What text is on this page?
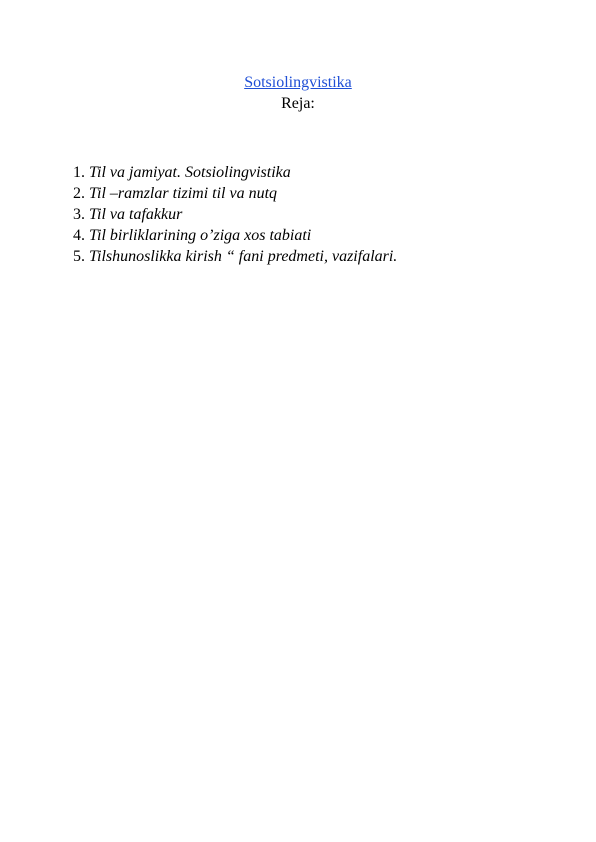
Sotsiolingvistika
Reja:
1. Til va jamiyat. Sotsiolingvistika
2. Til –ramzlar tizimi til va nutq
3. Til va tafakkur
4. Til birliklarining o’ziga xos tabiati
5. Tilshunoslikka kirish “ fani predmeti, vazifalari.
